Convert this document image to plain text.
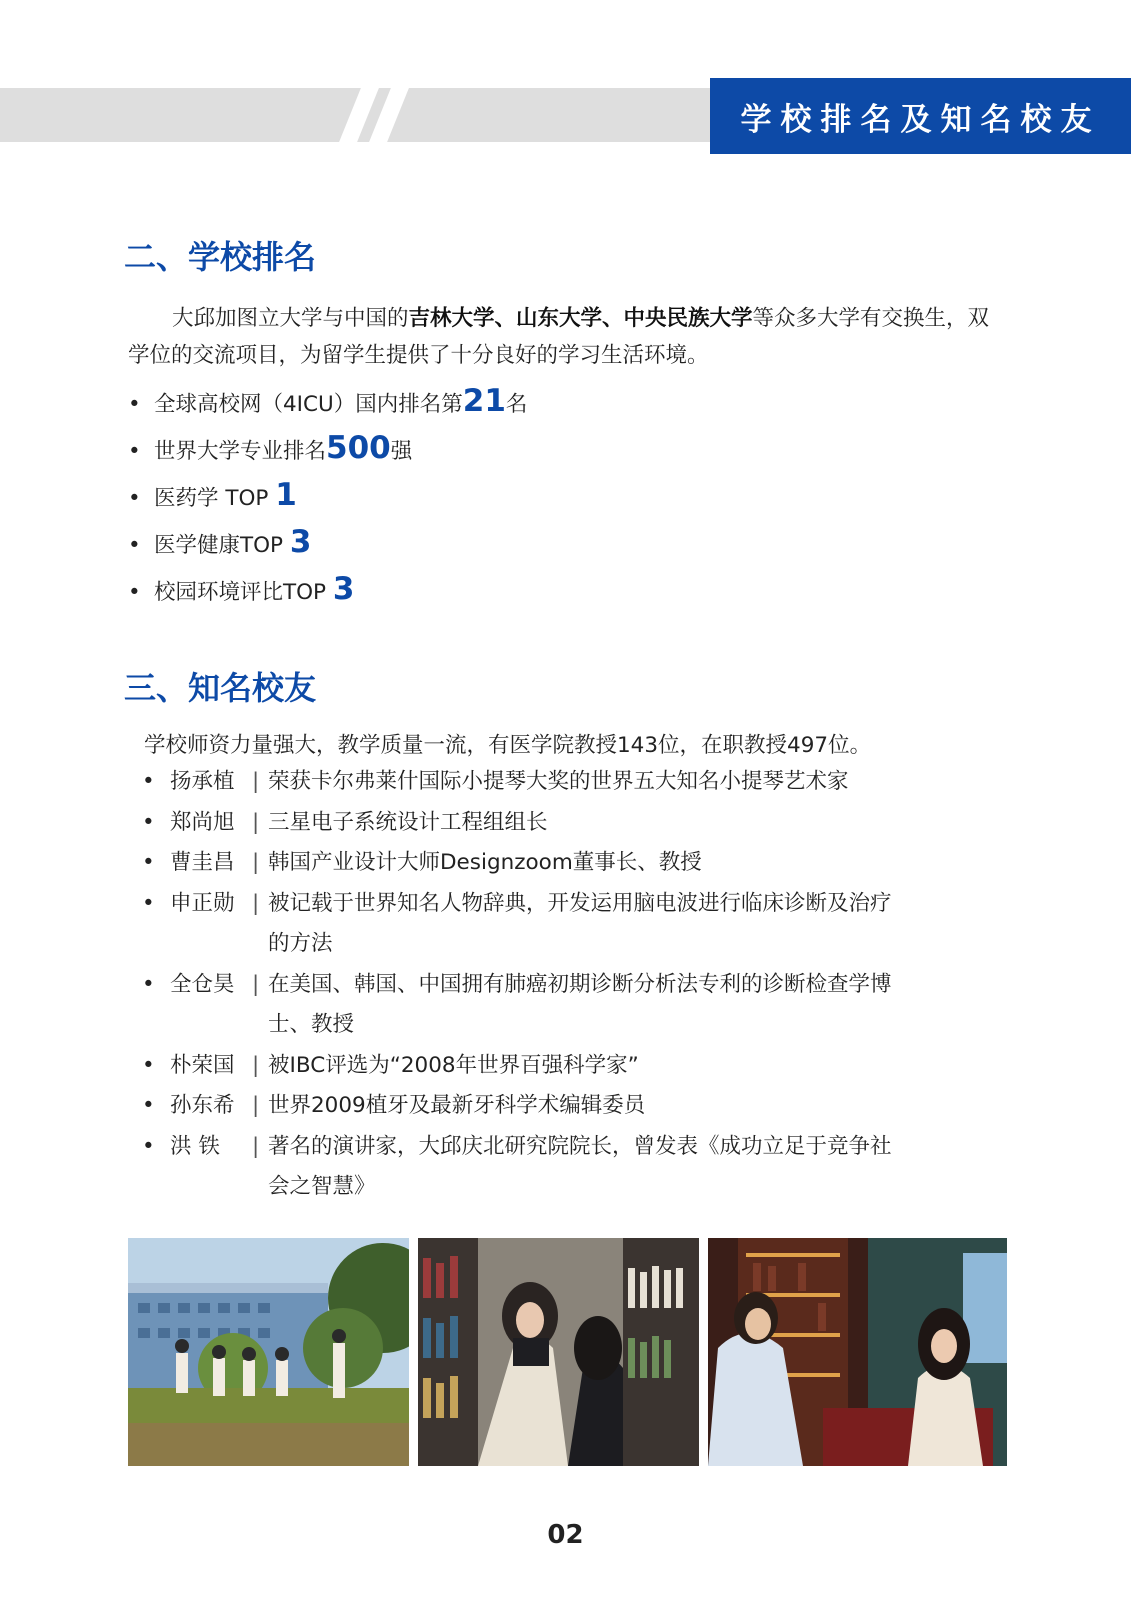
学校排名及知名校友
二、学校排名

大邱加图立大学与中国的吉林大学、山东大学、中央民族大学等众多大学有交换生，双学位的交流项目，为留学生提供了十分良好的学习生活环境。

• 全球高校网（4ICU）国内排名第21名
• 世界大学专业排名500强
• 医药学 TOP 1
• 医学健康TOP 3
• 校园环境评比TOP 3
三、知名校友

学校师资力量强大，教学质量一流，有医学院教授143位，在职教授497位。

• 扬承植 | 荣获卡尔弗莱什国际小提琴大奖的世界五大知名小提琴艺术家
• 郑尚旭 | 三星电子系统设计工程组组长
• 曹圭昌 | 韩国产业设计大师Designzoom董事长、教授
• 申正勋 | 被记载于世界知名人物辞典，开发运用脑电波进行临床诊断及治疗的方法
• 全仓昊 | 在美国、韩国、中国拥有肺癌初期诊断分析法专利的诊断检查学博士、教授
• 朴荣国 | 被IBC评选为“2008年世界百强科学家”
• 孙东希 | 世界2009植牙及最新牙科学术编辑委员
• 洪 铁	| 著名的演讲家，大邱庆北研究院院长，曾发表《成功立足于竞争社会之智慧》
02
